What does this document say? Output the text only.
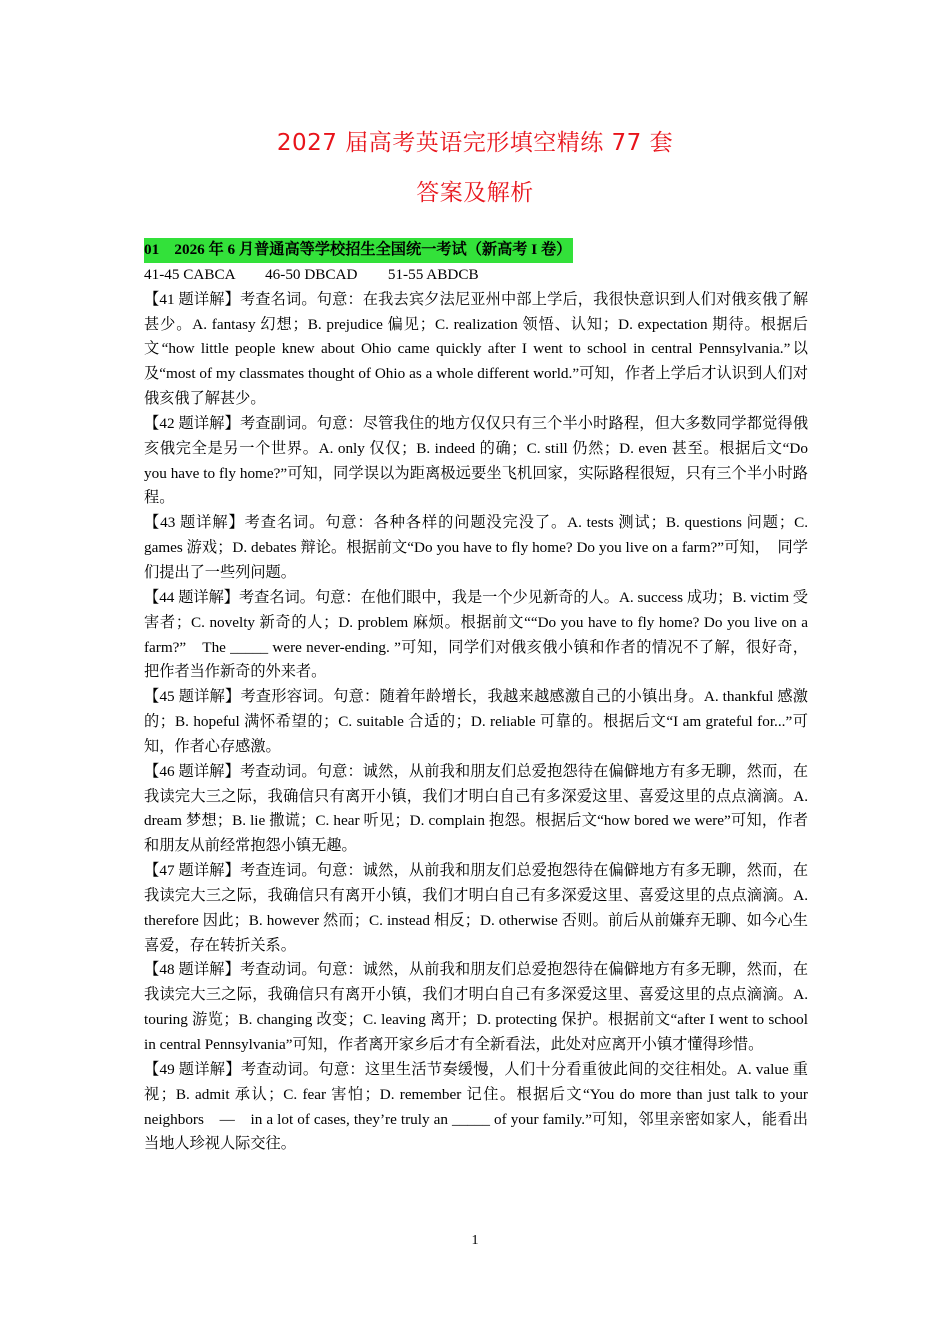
2027 届高考英语完形填空精练 77 套
答案及解析
01    2026 年 6 月普通高等学校招生全国统一考试（新高考 I 卷）
41-45 CABCA        46-50 DBCAD        51-55 ABDCB
【41 题详解】考查名词。句意：在我去宾夕法尼亚州中部上学后，我很快意识到人们对俄亥俄了解甚少。A. fantasy 幻想；B. prejudice 偏见；C. realization 领悟、认知；D. expectation 期待。根据后文“how little people knew about Ohio came quickly after I went to school in central Pennsylvania.”以及“most of my classmates thought of Ohio as a whole different world.”可知，作者上学后才认识到人们对俄亥俄了解甚少。
【42 题详解】考查副词。句意：尽管我住的地方仅仅只有三个半小时路程，但大多数同学都觉得俄亥俄完全是另一个世界。A. only 仅仅；B. indeed 的确；C. still 仍然；D. even 甚至。根据后文“Do you have to fly home?”可知，同学误以为距离极远要坐飞机回家，实际路程很短，只有三个半小时路程。
【43 题详解】考查名词。句意：各种各样的问题没完没了。A. tests 测试；B. questions 问题；C. games 游戏；D. debates 辩论。根据前文“Do you have to fly home? Do you live on a farm?”可知，　同学们提出了一些列问题。
【44 题详解】考查名词。句意：在他们眼中，我是一个少见新奇的人。A. success 成功；B. victim 受害者；C. novelty 新奇的人；D. problem 麻烦。根据前文““Do you have to fly home? Do you live on a farm?”　The _____ were never-ending. ”可知，同学们对俄亥俄小镇和作者的情况不了解，很好奇，把作者当作新奇的外来者。
【45 题详解】考查形容词。句意：随着年龄增长，我越来越感激自己的小镇出身。A. thankful 感激的；B. hopeful 满怀希望的；C. suitable 合适的；D. reliable 可靠的。根据后文“I am grateful for...”可知，作者心存感激。
【46 题详解】考查动词。句意：诚然，从前我和朋友们总爱抱怨待在偏僻地方有多无聊，然而，在我读完大三之际，我确信只有离开小镇，我们才明白自己有多深爱这里、喜爱这里的点点滴滴。A. dream 梦想；B. lie 撒谎；C. hear 听见；D. complain 抱怨。根据后文“how bored we were”可知，作者和朋友从前经常抱怨小镇无趣。
【47 题详解】考查连词。句意：诚然，从前我和朋友们总爱抱怨待在偏僻地方有多无聊，然而，在我读完大三之际，我确信只有离开小镇，我们才明白自己有多深爱这里、喜爱这里的点点滴滴。A. therefore 因此；B. however 然而；C. instead 相反；D. otherwise 否则。前后从前嫌弃无聊、如今心生喜爱，存在转折关系。
【48 题详解】考查动词。句意：诚然，从前我和朋友们总爱抱怨待在偏僻地方有多无聊，然而，在我读完大三之际，我确信只有离开小镇，我们才明白自己有多深爱这里、喜爱这里的点点滴滴。A. touring 游览；B. changing 改变；C. leaving 离开；D. protecting 保护。根据前文“after I went to school in central Pennsylvania”可知，作者离开家乡后才有全新看法，此处对应离开小镇才懂得珍惜。
【49 题详解】考查动词。句意：这里生活节奏缓慢，人们十分看重彼此间的交往相处。A. value 重视；B. admit 承认；C. fear 害怕；D. remember 记住。根据后文“You do more than just talk to your neighbors　—　in a lot of cases, they’re truly an _____ of your family.”可知，邻里亲密如家人，能看出当地人珍视人际交往。
1
